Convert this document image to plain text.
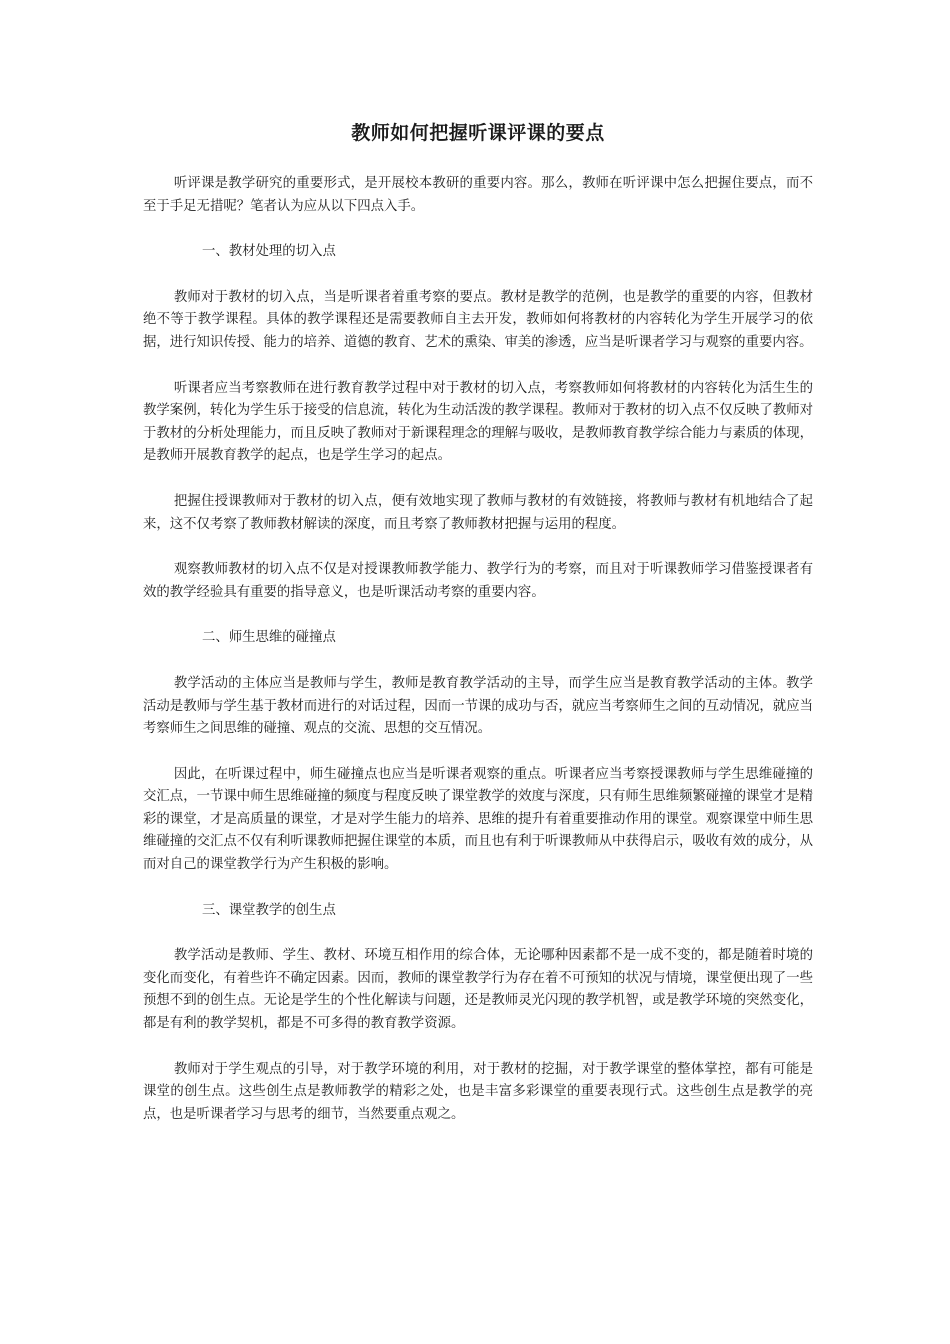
教师如何把握听课评课的要点

听评课是教学研究的重要形式，是开展校本教研的重要内容。那么，教师在听评课中怎么把握住要点，而不至于手足无措呢？笔者认为应从以下四点入手。

一、教材处理的切入点

教师对于教材的切入点，当是听课者着重考察的要点。教材是教学的范例，也是教学的重要的内容，但教材绝不等于教学课程。具体的教学课程还是需要教师自主去开发，教师如何将教材的内容转化为学生开展学习的依据，进行知识传授、能力的培养、道德的教育、艺术的熏染、审美的渗透，应当是听课者学习与观察的重要内容。

听课者应当考察教师在进行教育教学过程中对于教材的切入点，考察教师如何将教材的内容转化为活生生的教学案例，转化为学生乐于接受的信息流，转化为生动活泼的教学课程。教师对于教材的切入点不仅反映了教师对于教材的分析处理能力，而且反映了教师对于新课程理念的理解与吸收，是教师教育教学综合能力与素质的体现，是教师开展教育教学的起点，也是学生学习的起点。

把握住授课教师对于教材的切入点，便有效地实现了教师与教材的有效链接，将教师与教材有机地结合了起来，这不仅考察了教师教材解读的深度，而且考察了教师教材把握与运用的程度。

观察教师教材的切入点不仅是对授课教师教学能力、教学行为的考察，而且对于听课教师学习借鉴授课者有效的教学经验具有重要的指导意义，也是听课活动考察的重要内容。

二、师生思维的碰撞点

教学活动的主体应当是教师与学生，教师是教育教学活动的主导，而学生应当是教育教学活动的主体。教学活动是教师与学生基于教材而进行的对话过程，因而一节课的成功与否，就应当考察师生之间的互动情况，就应当考察师生之间思维的碰撞、观点的交流、思想的交互情况。

因此，在听课过程中，师生碰撞点也应当是听课者观察的重点。听课者应当考察授课教师与学生思维碰撞的交汇点，一节课中师生思维碰撞的频度与程度反映了课堂教学的效度与深度，只有师生思维频繁碰撞的课堂才是精彩的课堂，才是高质量的课堂，才是对学生能力的培养、思维的提升有着重要推动作用的课堂。观察课堂中师生思维碰撞的交汇点不仅有利听课教师把握住课堂的本质，而且也有利于听课教师从中获得启示，吸收有效的成分，从而对自己的课堂教学行为产生积极的影响。

三、课堂教学的创生点

教学活动是教师、学生、教材、环境互相作用的综合体，无论哪种因素都不是一成不变的，都是随着时境的变化而变化，有着些许不确定因素。因而，教师的课堂教学行为存在着不可预知的状况与情境，课堂便出现了一些预想不到的创生点。无论是学生的个性化解读与问题，还是教师灵光闪现的教学机智，或是教学环境的突然变化，都是有利的教学契机，都是不可多得的教育教学资源。

教师对于学生观点的引导，对于教学环境的利用，对于教材的挖掘，对于教学课堂的整体掌控，都有可能是课堂的创生点。这些创生点是教师教学的精彩之处，也是丰富多彩课堂的重要表现行式。这些创生点是教学的亮点，也是听课者学习与思考的细节，当然要重点观之。
